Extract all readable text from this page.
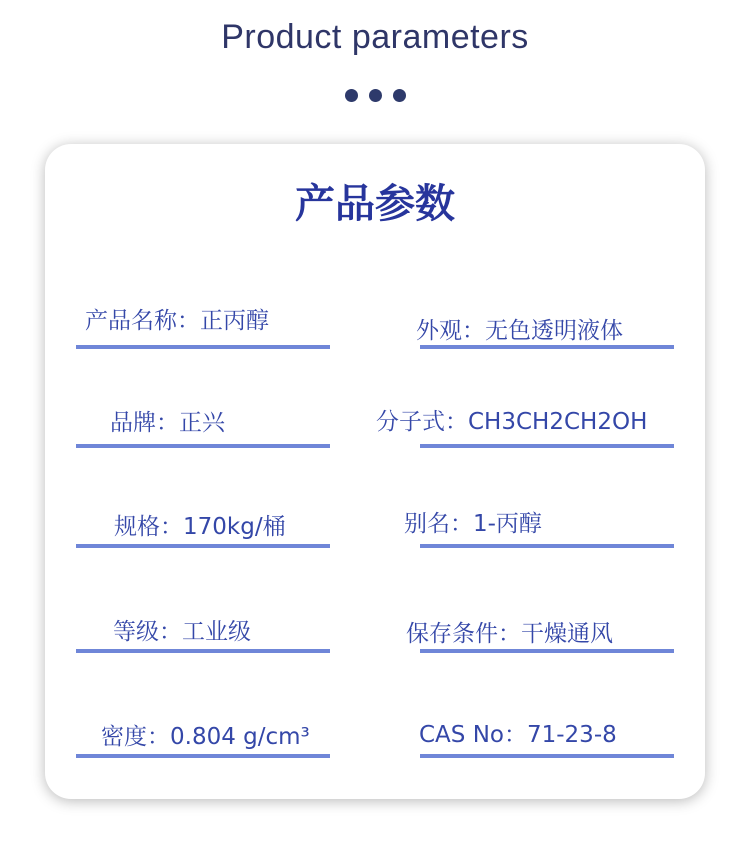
Product parameters
产品参数
产品名称：正丙醇	外观：无色透明液体
品牌：正兴	分子式：CH3CH2CH2OH
规格：170kg/桶	别名：1-丙醇
等级：工业级	保存条件：干燥通风
密度：0.804 g/cm³	CAS No：71-23-8
